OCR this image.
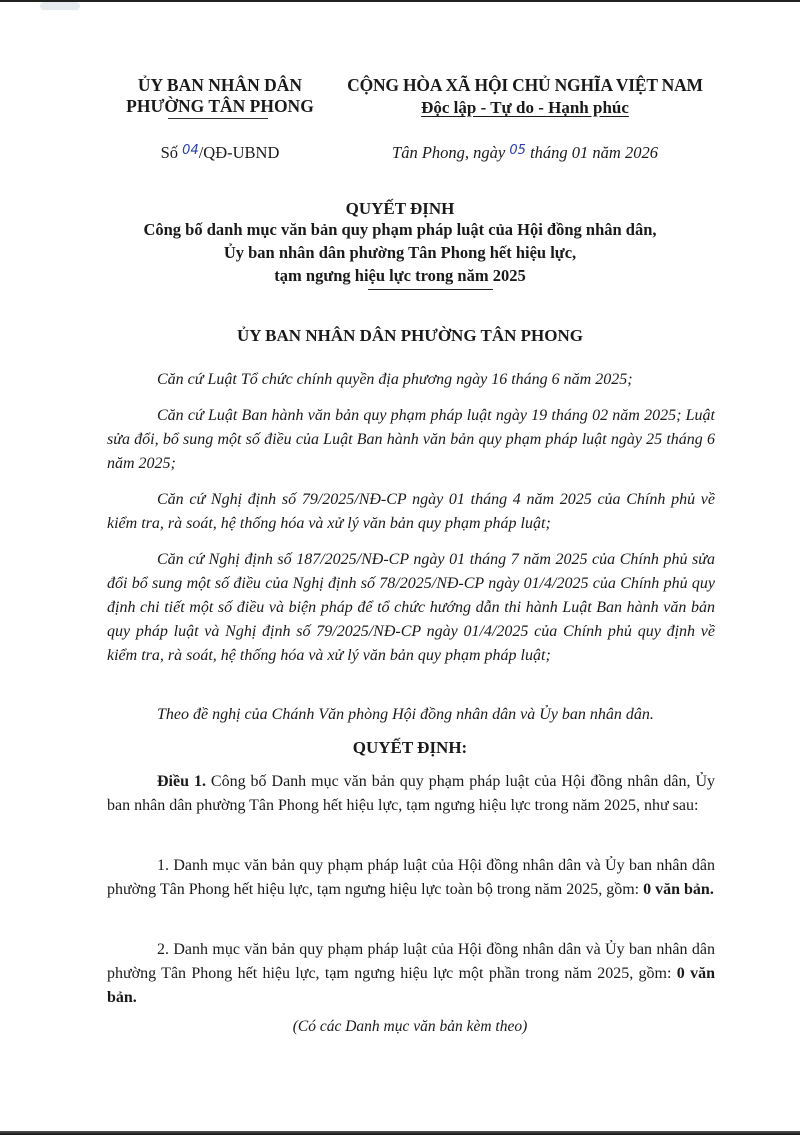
ỦY BAN NHÂN DÂN
PHƯỜNG TÂN PHONG
Số $^{04}$/QĐ-UBND
CỘNG HÒA XÃ HỘI CHỦ NGHĨA VIỆT NAM
Độc lập - Tự do - Hạnh phúc
Tân Phong, ngày $^{05}$ tháng 01 năm 2026
QUYẾT ĐỊNH
Công bố danh mục văn bản quy phạm pháp luật của Hội đồng nhân dân,
Ủy ban nhân dân phường Tân Phong hết hiệu lực,
tạm ngưng hiệu lực trong năm 2025
ỦY BAN NHÂN DÂN PHƯỜNG TÂN PHONG
Căn cứ Luật Tổ chức chính quyền địa phương ngày 16 tháng 6 năm 2025;
Căn cứ Luật Ban hành văn bản quy phạm pháp luật ngày 19 tháng 02 năm 2025; Luật sửa đổi, bổ sung một số điều của Luật Ban hành văn bản quy phạm pháp luật ngày 25 tháng 6 năm 2025;
Căn cứ Nghị định số 79/2025/NĐ-CP ngày 01 tháng 4 năm 2025 của Chính phủ về kiểm tra, rà soát, hệ thống hóa và xử lý văn bản quy phạm pháp luật;
Căn cứ Nghị định số 187/2025/NĐ-CP ngày 01 tháng 7 năm 2025 của Chính phủ sửa đổi bổ sung một số điều của Nghị định số 78/2025/NĐ-CP ngày 01/4/2025 của Chính phủ quy định chi tiết một số điều và biện pháp để tổ chức hướng dẫn thi hành Luật Ban hành văn bản quy pháp luật và Nghị định số 79/2025/NĐ-CP ngày 01/4/2025 của Chính phủ quy định về kiểm tra, rà soát, hệ thống hóa và xử lý văn bản quy phạm pháp luật;
Theo đề nghị của Chánh Văn phòng Hội đồng nhân dân và Ủy ban nhân dân.
QUYẾT ĐỊNH:
Điều 1. Công bố Danh mục văn bản quy phạm pháp luật của Hội đồng nhân dân, Ủy ban nhân dân phường Tân Phong hết hiệu lực, tạm ngưng hiệu lực trong năm 2025, như sau:
1. Danh mục văn bản quy phạm pháp luật của Hội đồng nhân dân và Ủy ban nhân dân phường Tân Phong hết hiệu lực, tạm ngưng hiệu lực toàn bộ trong năm 2025, gồm: 0 văn bản.
2. Danh mục văn bản quy phạm pháp luật của Hội đồng nhân dân và Ủy ban nhân dân phường Tân Phong hết hiệu lực, tạm ngưng hiệu lực một phần trong năm 2025, gồm: 0 văn bản.
(Có các Danh mục văn bản kèm theo)
